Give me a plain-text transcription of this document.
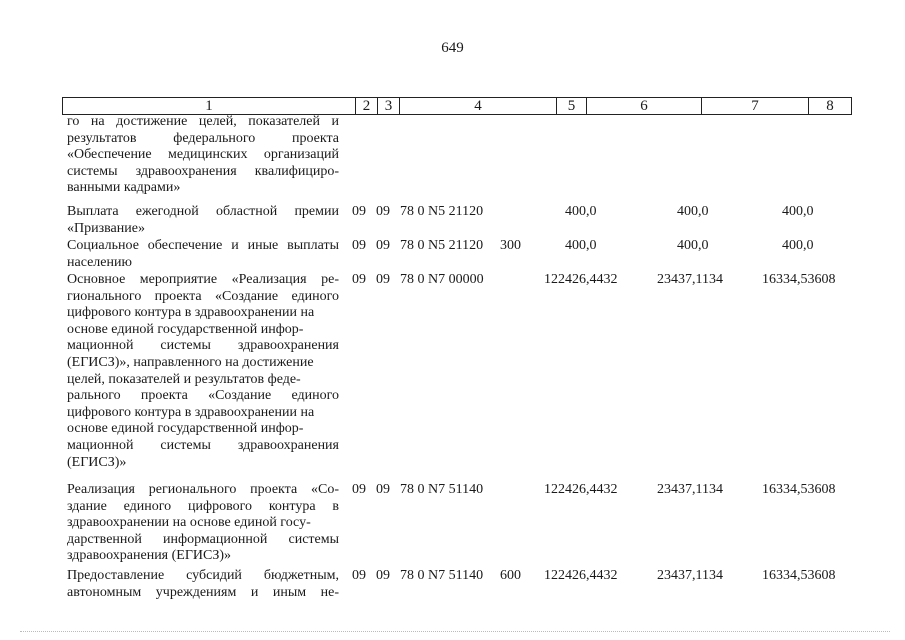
649
1	2 3	4	5	6	7	8
го на достижение целей, показателей и
результатов федерального проекта
«Обеспечение медицинских организаций
системы здравоохранения квалифициро-
ванными кадрами»
Выплата ежегодной областной премии
«Призвание»
09 09 78 0 N5 21120	400,0	400,0	400,0
Социальное обеспечение и иные выплаты
населению
09 09 78 0 N5 21120 300	400,0	400,0	400,0
Основное мероприятие «Реализация ре-
гионального проекта «Создание единого
цифрового контура в здравоохранении на
основе единой государственной инфор-
мационной системы здравоохранения
(ЕГИСЗ)», направленного на достижение
целей, показателей и результатов феде-
рального проекта «Создание единого
цифрового контура в здравоохранении на
основе единой государственной инфор-
мационной системы здравоохранения
(ЕГИСЗ)»
09 09 78 0 N7 00000	122426,4432	23437,1134	16334,53608
Реализация регионального проекта «Со-
здание единого цифрового контура в
здравоохранении на основе единой госу-
дарственной информационной системы
здравоохранения (ЕГИСЗ)»
09 09 78 0 N7 51140	122426,4432	23437,1134	16334,53608
Предоставление субсидий бюджетным,
автономным учреждениям и иным не-
09 09 78 0 N7 51140 600 122426,4432	23437,1134	16334,53608
